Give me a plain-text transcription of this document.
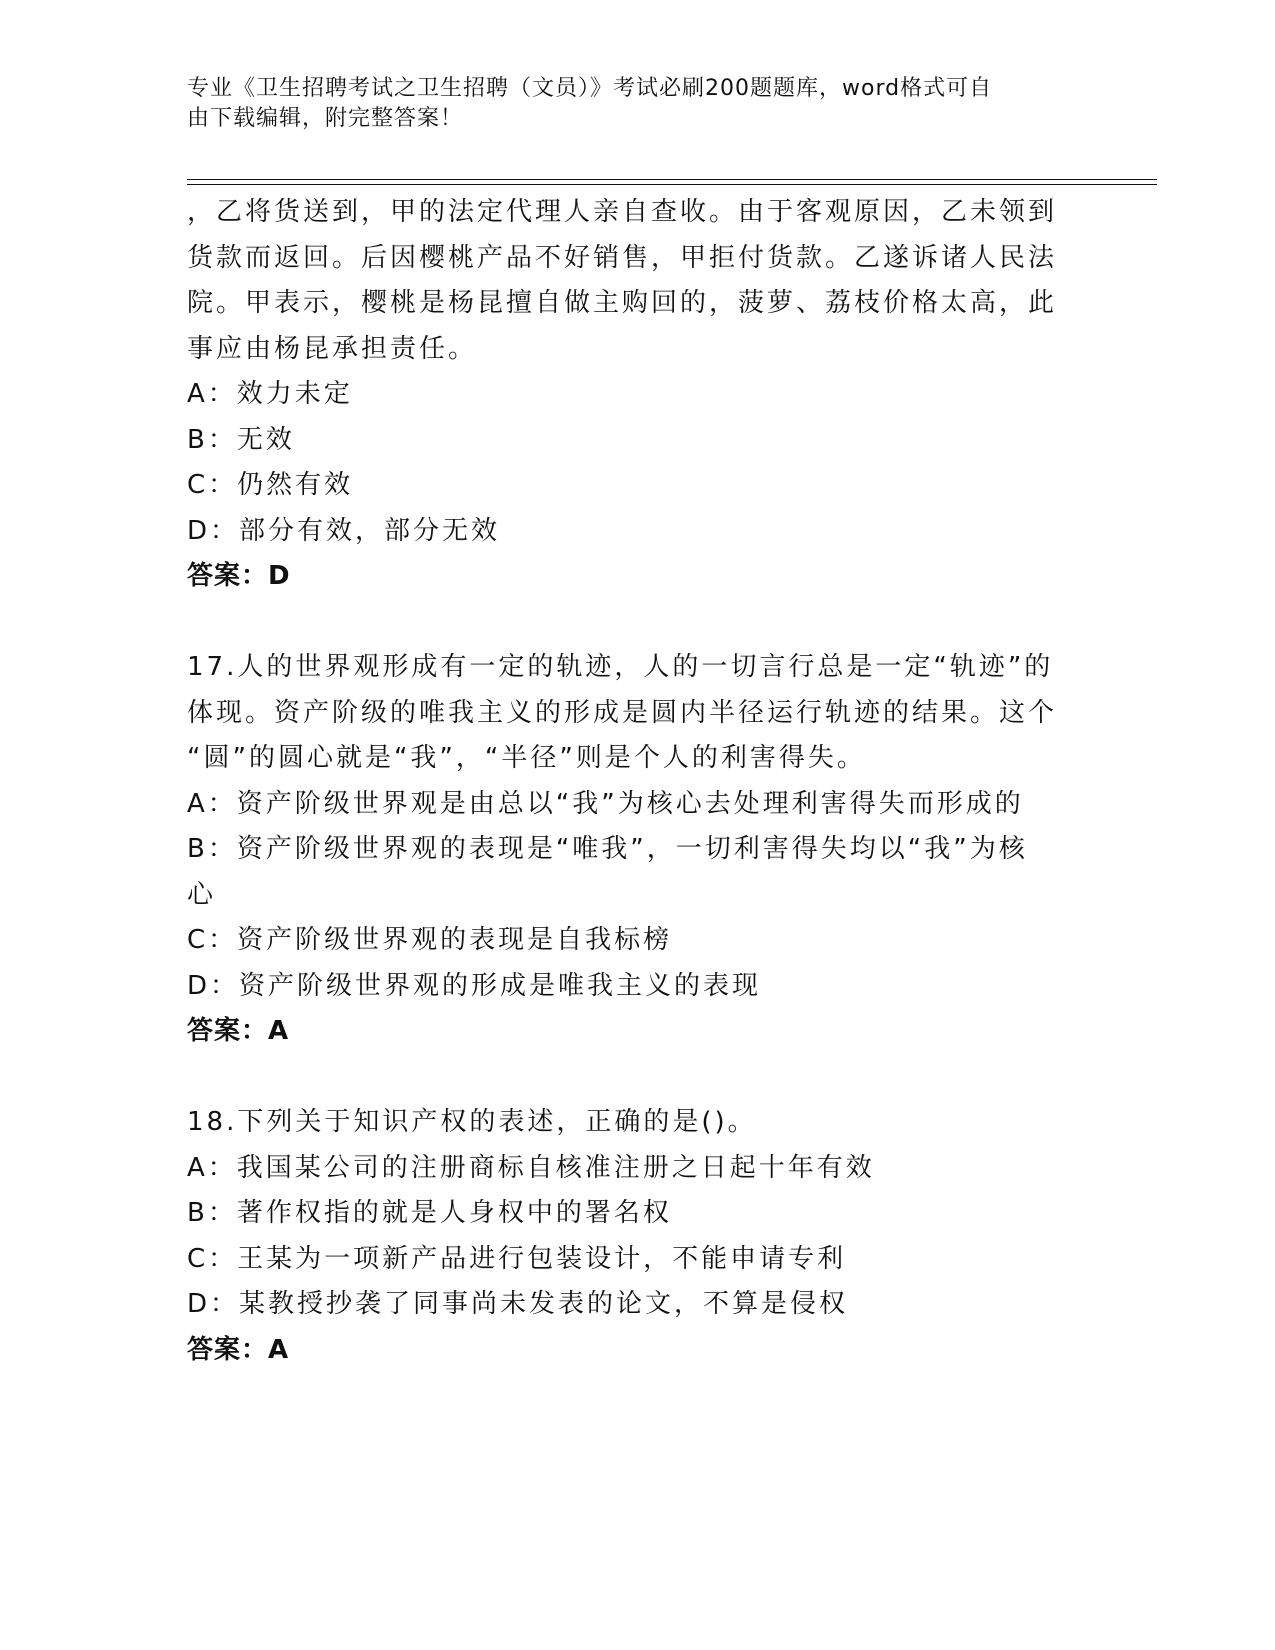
专业《卫生招聘考试之卫生招聘（文员）》考试必刷200题题库，word格式可自
由下载编辑，附完整答案！

，乙将货送到，甲的法定代理人亲自查收。由于客观原因，乙未领到

货款而返回。后因樱桃产品不好销售，甲拒付货款。乙遂诉诸人民法

院。甲表示，樱桃是杨昆擅自做主购回的，菠萝、荔枝价格太高，此

事应由杨昆承担责任。

A：效力未定

B：无效

C：仍然有效

D：部分有效，部分无效

答案：D

17.人的世界观形成有一定的轨迹，人的一切言行总是一定“轨迹”的

体现。资产阶级的唯我主义的形成是圆内半径运行轨迹的结果。这个

“圆”的圆心就是“我”，“半径”则是个人的利害得失。

A：资产阶级世界观是由总以“我”为核心去处理利害得失而形成的

B：资产阶级世界观的表现是“唯我”，一切利害得失均以“我”为核

心

C：资产阶级世界观的表现是自我标榜

D：资产阶级世界观的形成是唯我主义的表现

答案：A

18.下列关于知识产权的表述，正确的是()。

A：我国某公司的注册商标自核准注册之日起十年有效

B：著作权指的就是人身权中的署名权

C：王某为一项新产品进行包装设计，不能申请专利

D：某教授抄袭了同事尚未发表的论文，不算是侵权

答案：A
